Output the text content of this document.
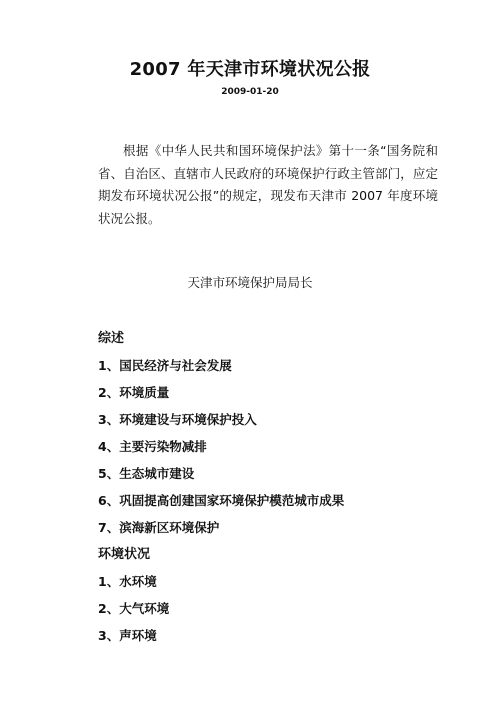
2007 年天津市环境状况公报
2009-01-20
根据《中华人民共和国环境保护法》第十一条“国务院和省、自治区、直辖市人民政府的环境保护行政主管部门，应定期发布环境状况公报”的规定，现发布天津市 2007 年度环境状况公报。
天津市环境保护局局长
综述
1、国民经济与社会发展
2、环境质量
3、环境建设与环境保护投入
4、主要污染物减排
5、生态城市建设
6、巩固提高创建国家环境保护模范城市成果
7、滨海新区环境保护
环境状况
1、水环境
2、大气环境
3、声环境
